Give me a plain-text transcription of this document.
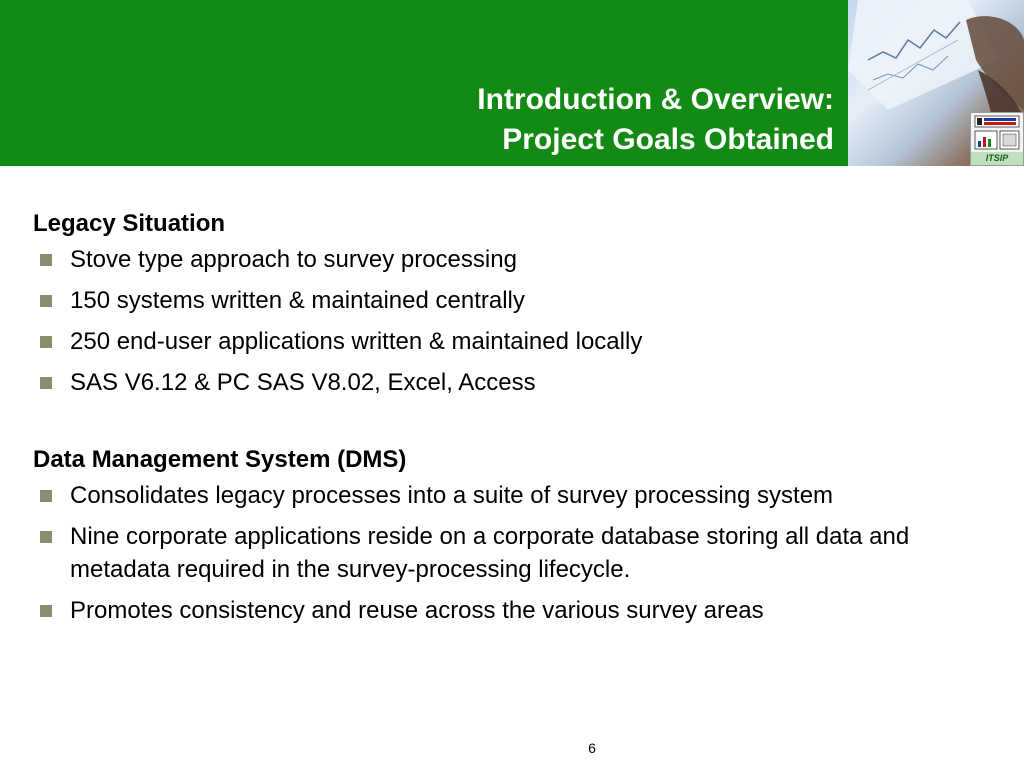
Introduction & Overview:
Project Goals Obtained
ITSIP
Legacy Situation
Stove type approach to survey processing
150 systems written & maintained centrally
250 end-user applications written & maintained locally
SAS V6.12 & PC SAS V8.02, Excel, Access
Data Management System (DMS)
Consolidates legacy processes into a suite of survey processing system
Nine corporate applications reside on a corporate database storing all data and metadata required in the survey-processing lifecycle.
Promotes consistency and reuse across the various survey areas
6
